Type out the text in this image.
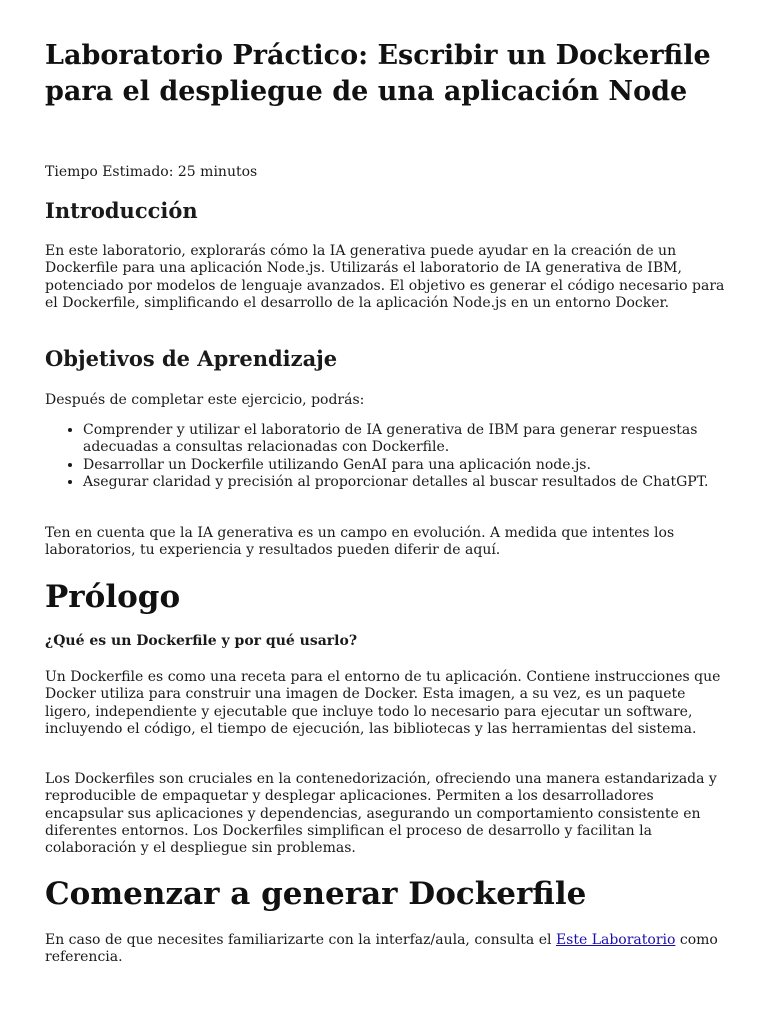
Laboratorio Práctico: Escribir un Dockerfile para el despliegue de una aplicación Node
Tiempo Estimado: 25 minutos
Introducción

En este laboratorio, explorarás cómo la IA generativa puede ayudar en la creación de un Dockerfile para una aplicación Node.js. Utilizarás el laboratorio de IA generativa de IBM, potenciado por modelos de lenguaje avanzados. El objetivo es generar el código necesario para el Dockerfile, simplificando el desarrollo de la aplicación Node.js en un entorno Docker.

Objetivos de Aprendizaje

Después de completar este ejercicio, podrás:

• Comprender y utilizar el laboratorio de IA generativa de IBM para generar respuestas adecuadas a consultas relacionadas con Dockerfile.
• Desarrollar un Dockerfile utilizando GenAI para una aplicación node.js.
• Asegurar claridad y precisión al proporcionar detalles al buscar resultados de ChatGPT.

Ten en cuenta que la IA generativa es un campo en evolución. A medida que intentes los laboratorios, tu experiencia y resultados pueden diferir de aquí.

Prólogo

¿Qué es un Dockerfile y por qué usarlo?

Un Dockerfile es como una receta para el entorno de tu aplicación. Contiene instrucciones que Docker utiliza para construir una imagen de Docker. Esta imagen, a su vez, es un paquete ligero, independiente y ejecutable que incluye todo lo necesario para ejecutar un software, incluyendo el código, el tiempo de ejecución, las bibliotecas y las herramientas del sistema.

Los Dockerfiles son cruciales en la contenedorización, ofreciendo una manera estandarizada y reproducible de empaquetar y desplegar aplicaciones. Permiten a los desarrolladores encapsular sus aplicaciones y dependencias, asegurando un comportamiento consistente en diferentes entornos. Los Dockerfiles simplifican el proceso de desarrollo y facilitan la colaboración y el despliegue sin problemas.

Comenzar a generar Dockerfile

En caso de que necesites familiarizarte con la interfaz/aula, consulta el Este Laboratorio como referencia.
